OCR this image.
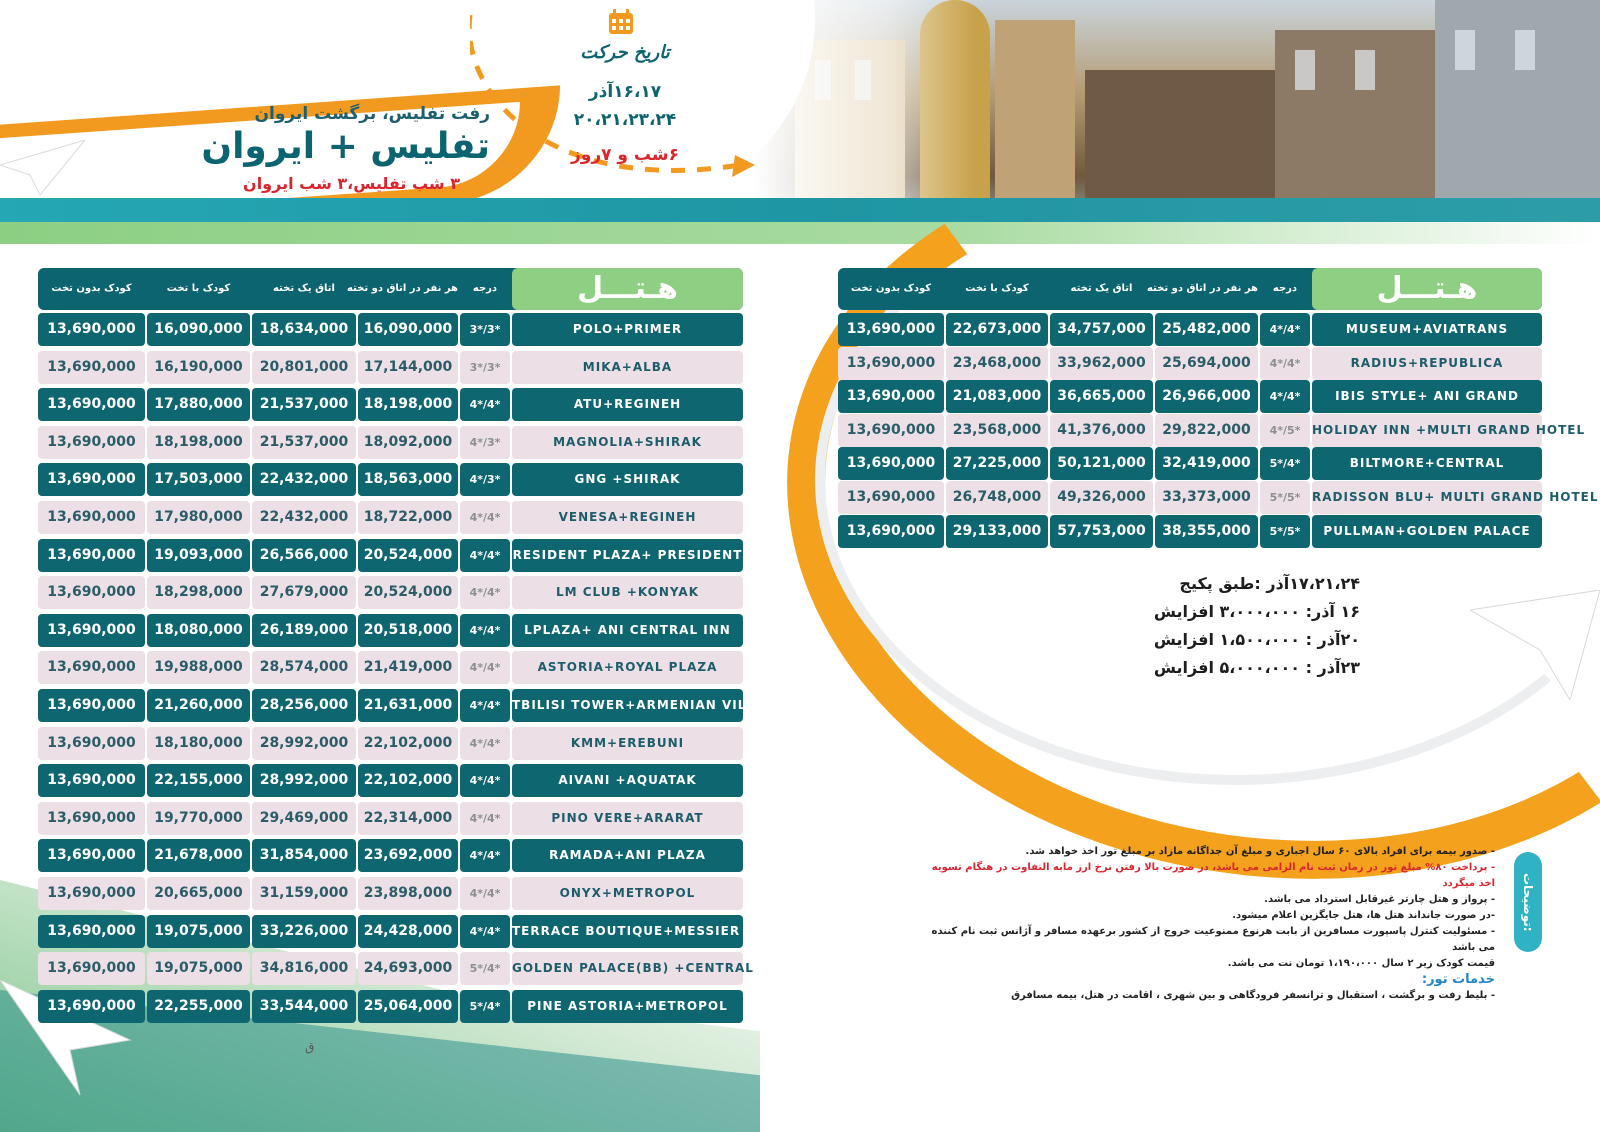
رفت تفلیس، برگشت ایروان
تفلیس + ایروان
۳ شب تفلیس،۳ شب ایروان
تاریخ حرکت
۱۶،۱۷آذر
۲۰،۲۱،۲۳،۲۴
۶شب و ۷روز
کودک بدون تخت	کودک با تخت	اتاق یک تخته	هر نفر در اتاق دو تخته	درجه	هـتـــل
13,690,000	16,090,000	18,634,000	16,090,000	3*/3*	POLO+PRIMER
13,690,000	16,190,000	20,801,000	17,144,000	3*/3*	MIKA+ALBA
13,690,000	17,880,000	21,537,000	18,198,000	4*/4*	ATU+REGINEH
13,690,000	18,198,000	21,537,000	18,092,000	4*/3*	MAGNOLIA+SHIRAK
13,690,000	17,503,000	22,432,000	18,563,000	4*/3*	GNG +SHIRAK
13,690,000	17,980,000	22,432,000	18,722,000	4*/4*	VENESA+REGINEH
13,690,000	19,093,000	26,566,000	20,524,000	4*/4*	RESIDENT PLAZA+ PRESIDENT
13,690,000	18,298,000	27,679,000	20,524,000	4*/4*	LM CLUB +KONYAK
13,690,000	18,080,000	26,189,000	20,518,000	4*/4*	LPLAZA+ ANI CENTRAL INN
13,690,000	19,988,000	28,574,000	21,419,000	4*/4*	ASTORIA+ROYAL PLAZA
13,690,000	21,260,000	28,256,000	21,631,000	4*/4* TBILISI TOWER+ARMENIAN VILLAGE
13,690,000	18,180,000	28,992,000	22,102,000	4*/4*	KMM+EREBUNI
13,690,000	22,155,000	28,992,000	22,102,000	4*/4*	AIVANI +AQUATAK
13,690,000	19,770,000	29,469,000	22,314,000	4*/4*	PINO VERE+ARARAT
13,690,000	21,678,000	31,854,000	23,692,000	4*/4*	RAMADA+ANI PLAZA
13,690,000	20,665,000	31,159,000	23,898,000	4*/4*	ONYX+METROPOL
13,690,000	19,075,000	33,226,000	24,428,000	4*/4* TERRACE BOUTIQUE+MESSIER 53
13,690,000	19,075,000	34,816,000	24,693,000	5*/4* GOLDEN PALACE(BB) +CENTRAL
13,690,000	22,255,000	33,544,000	25,064,000	5*/4*	PINE ASTORIA+METROPOL
کودک بدون تخت	کودک با تخت	اتاق یک تخته	هر نفر در اتاق دو تخته	درجه	هـتـــل
13,690,000	22,673,000	34,757,000	25,482,000	4*/4*	MUSEUM+AVIATRANS
13,690,000	23,468,000	33,962,000	25,694,000	4*/4*	RADIUS+REPUBLICA
13,690,000	21,083,000	36,665,000	26,966,000	4*/4*	IBIS STYLE+ ANI GRAND
13,690,000	23,568,000	41,376,000	29,822,000	4*/5* HOLIDAY INN +MULTI GRAND HOTEL
13,690,000	27,225,000	50,121,000	32,419,000	5*/4*	BILTMORE+CENTRAL
13,690,000	26,748,000	49,326,000	33,373,000	5*/5* RADISSON BLU+ MULTI GRAND HOTEL
13,690,000	29,133,000	57,753,000	38,355,000	5*/5*	PULLMAN+GOLDEN PALACE
۱۷،۲۱،۲۴آذر :طبق پکیج
۱۶ آذر: ۳،۰۰۰،۰۰۰ افزایش
۲۰آذر : ۱،۵۰۰،۰۰۰ افزایش
۲۳آذر : ۵،۰۰۰،۰۰۰ افزایش
توضیحات:
- صدور بیمه برای افراد بالای ۶۰ سال اجباری و مبلغ آن جداگانه مازاد بر مبلغ تور اخذ خواهد شد.
- پرداخت ۸۰% مبلغ تور در زمان ثبت نام الزامی می باشد، در صورت بالا رفتن نرخ ارز مابه التفاوت در هنگام تسویه اخذ میگردد
- پرواز و هتل چارتر غیرقابل استرداد می باشد.
-در صورت جانداند هتل ها، هتل جایگزین اعلام میشود.
- مسئولیت کنترل پاسپورت مسافرین از بابت هرنوع ممنوعیت خروج از کشور برعهده مسافر و آژانس ثبت نام کننده می باشد
قیمت کودک زیر ۲ سال ۱،۱۹۰،۰۰۰ تومان نت می باشد.
خدمات تور:
- بلیط رفت و برگشت ، استقبال و ترانسفر فرودگاهی و بین شهری ، اقامت در هتل، بیمه مسافرق
ق
